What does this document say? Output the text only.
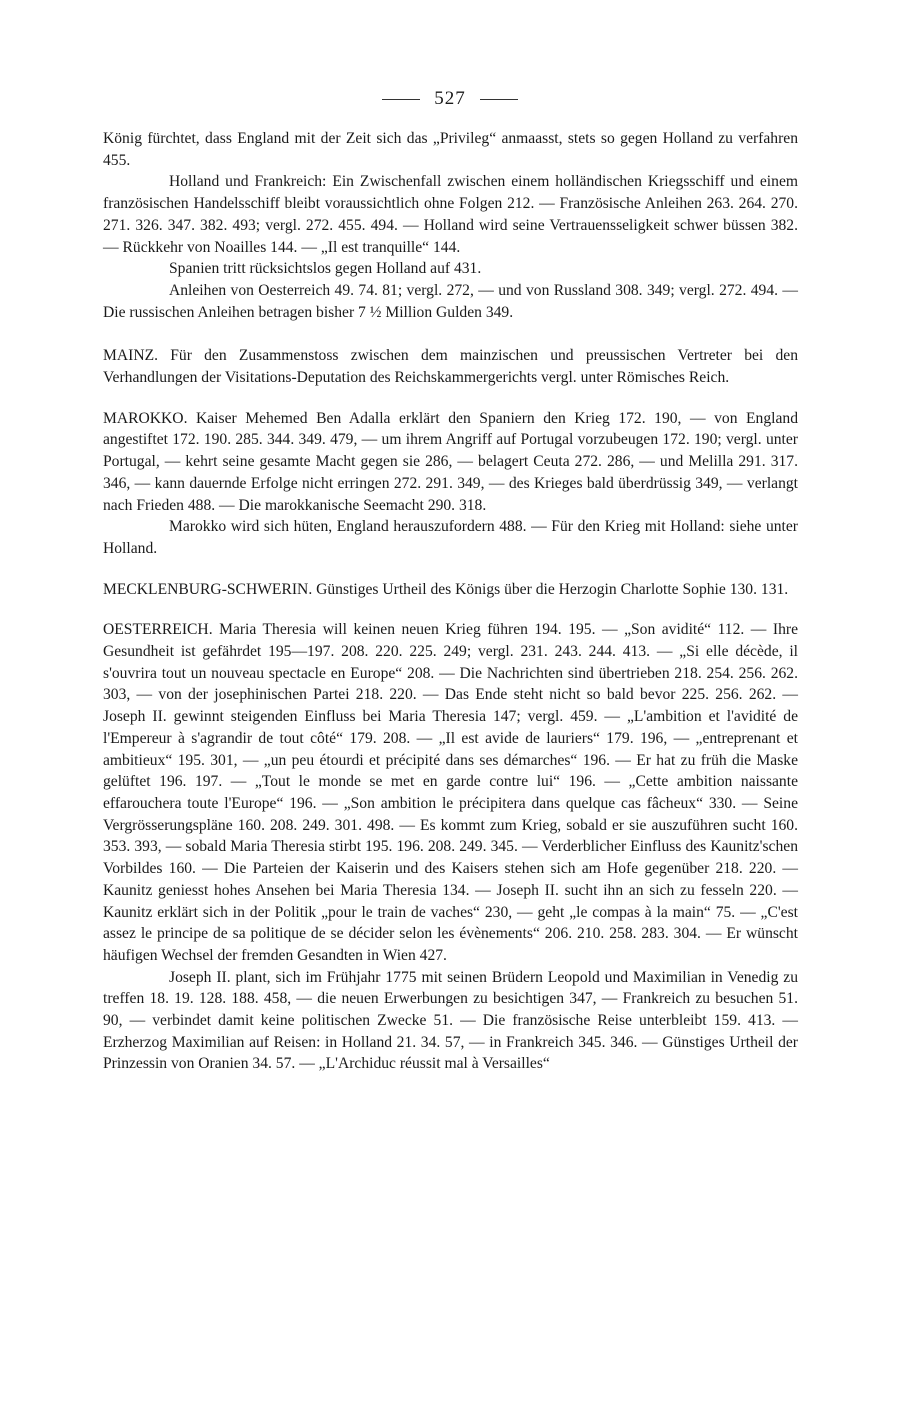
527

König fürchtet, dass England mit der Zeit sich das „Privileg“ anmaasst, stets so gegen Holland zu verfahren 455.

Holland und Frankreich: Ein Zwischenfall zwischen einem holländischen Kriegsschiff und einem französischen Handelsschiff bleibt voraussichtlich ohne Folgen 212. — Französische Anleihen 263. 264. 270. 271. 326. 347. 382. 493; vergl. 272. 455. 494. — Holland wird seine Vertrauensseligkeit schwer büssen 382. — Rückkehr von Noailles 144. — „Il est tranquille“ 144.

Spanien tritt rücksichtslos gegen Holland auf 431.

Anleihen von Oesterreich 49. 74. 81; vergl. 272, — und von Russland 308. 349; vergl. 272. 494. — Die russischen Anleihen betragen bisher 7 ½ Million Gulden 349.

MAINZ. Für den Zusammenstoss zwischen dem mainzischen und preussischen Vertreter bei den Verhandlungen der Visitations-Deputation des Reichskammergerichts vergl. unter Römisches Reich.

MAROKKO. Kaiser Mehemed Ben Adalla erklärt den Spaniern den Krieg 172. 190, — von England angestiftet 172. 190. 285. 344. 349. 479, — um ihrem Angriff auf Portugal vorzubeugen 172. 190; vergl. unter Portugal, — kehrt seine gesamte Macht gegen sie 286, — belagert Ceuta 272. 286, — und Melilla 291. 317. 346, — kann dauernde Erfolge nicht erringen 272. 291. 349, — des Krieges bald überdrüssig 349, — verlangt nach Frieden 488. — Die marokkanische Seemacht 290. 318.

Marokko wird sich hüten, England herauszufordern 488. — Für den Krieg mit Holland: siehe unter Holland.

MECKLENBURG-SCHWERIN. Günstiges Urtheil des Königs über die Herzogin Charlotte Sophie 130. 131.

OESTERREICH. Maria Theresia will keinen neuen Krieg führen 194. 195. — „Son avidité“ 112. — Ihre Gesundheit ist gefährdet 195—197. 208. 220. 225. 249; vergl. 231. 243. 244. 413. — „Si elle décède, il s'ouvrira tout un nouveau spectacle en Europe“ 208. — Die Nachrichten sind übertrieben 218. 254. 256. 262. 303, — von der josephinischen Partei 218. 220. — Das Ende steht nicht so bald bevor 225. 256. 262. — Joseph II. gewinnt steigenden Einfluss bei Maria Theresia 147; vergl. 459. — „L'ambition et l'avidité de l'Empereur à s'agrandir de tout côté“ 179. 208. — „Il est avide de lauriers“ 179. 196, — „entreprenant et ambitieux“ 195. 301, — „un peu étourdi et précipité dans ses démarches“ 196. — Er hat zu früh die Maske gelüftet 196. 197. — „Tout le monde se met en garde contre lui“ 196. — „Cette ambition naissante effarouchera toute l'Europe“ 196. — „Son ambition le précipitera dans quelque cas fâcheux“ 330. — Seine Vergrösserungspläne 160. 208. 249. 301. 498. — Es kommt zum Krieg, sobald er sie auszuführen sucht 160. 353. 393, — sobald Maria Theresia stirbt 195. 196. 208. 249. 345. — Verderblicher Einfluss des Kaunitz'schen Vorbildes 160. — Die Parteien der Kaiserin und des Kaisers stehen sich am Hofe gegenüber 218. 220. — Kaunitz geniesst hohes Ansehen bei Maria Theresia 134. — Joseph II. sucht ihn an sich zu fesseln 220. — Kaunitz erklärt sich in der Politik „pour le train de vaches“ 230, — geht „le compas à la main“ 75. — „C'est assez le principe de sa politique de se décider selon les évènements“ 206. 210. 258. 283. 304. — Er wünscht häufigen Wechsel der fremden Gesandten in Wien 427.

Joseph II. plant, sich im Frühjahr 1775 mit seinen Brüdern Leopold und Maximilian in Venedig zu treffen 18. 19. 128. 188. 458, — die neuen Erwerbungen zu besichtigen 347, — Frankreich zu besuchen 51. 90, — verbindet damit keine politischen Zwecke 51. — Die französische Reise unterbleibt 159. 413. — Erzherzog Maximilian auf Reisen: in Holland 21. 34. 57, — in Frankreich 345. 346. — Günstiges Urtheil der Prinzessin von Oranien 34. 57. — „L'Archiduc réussit mal à Versailles“
